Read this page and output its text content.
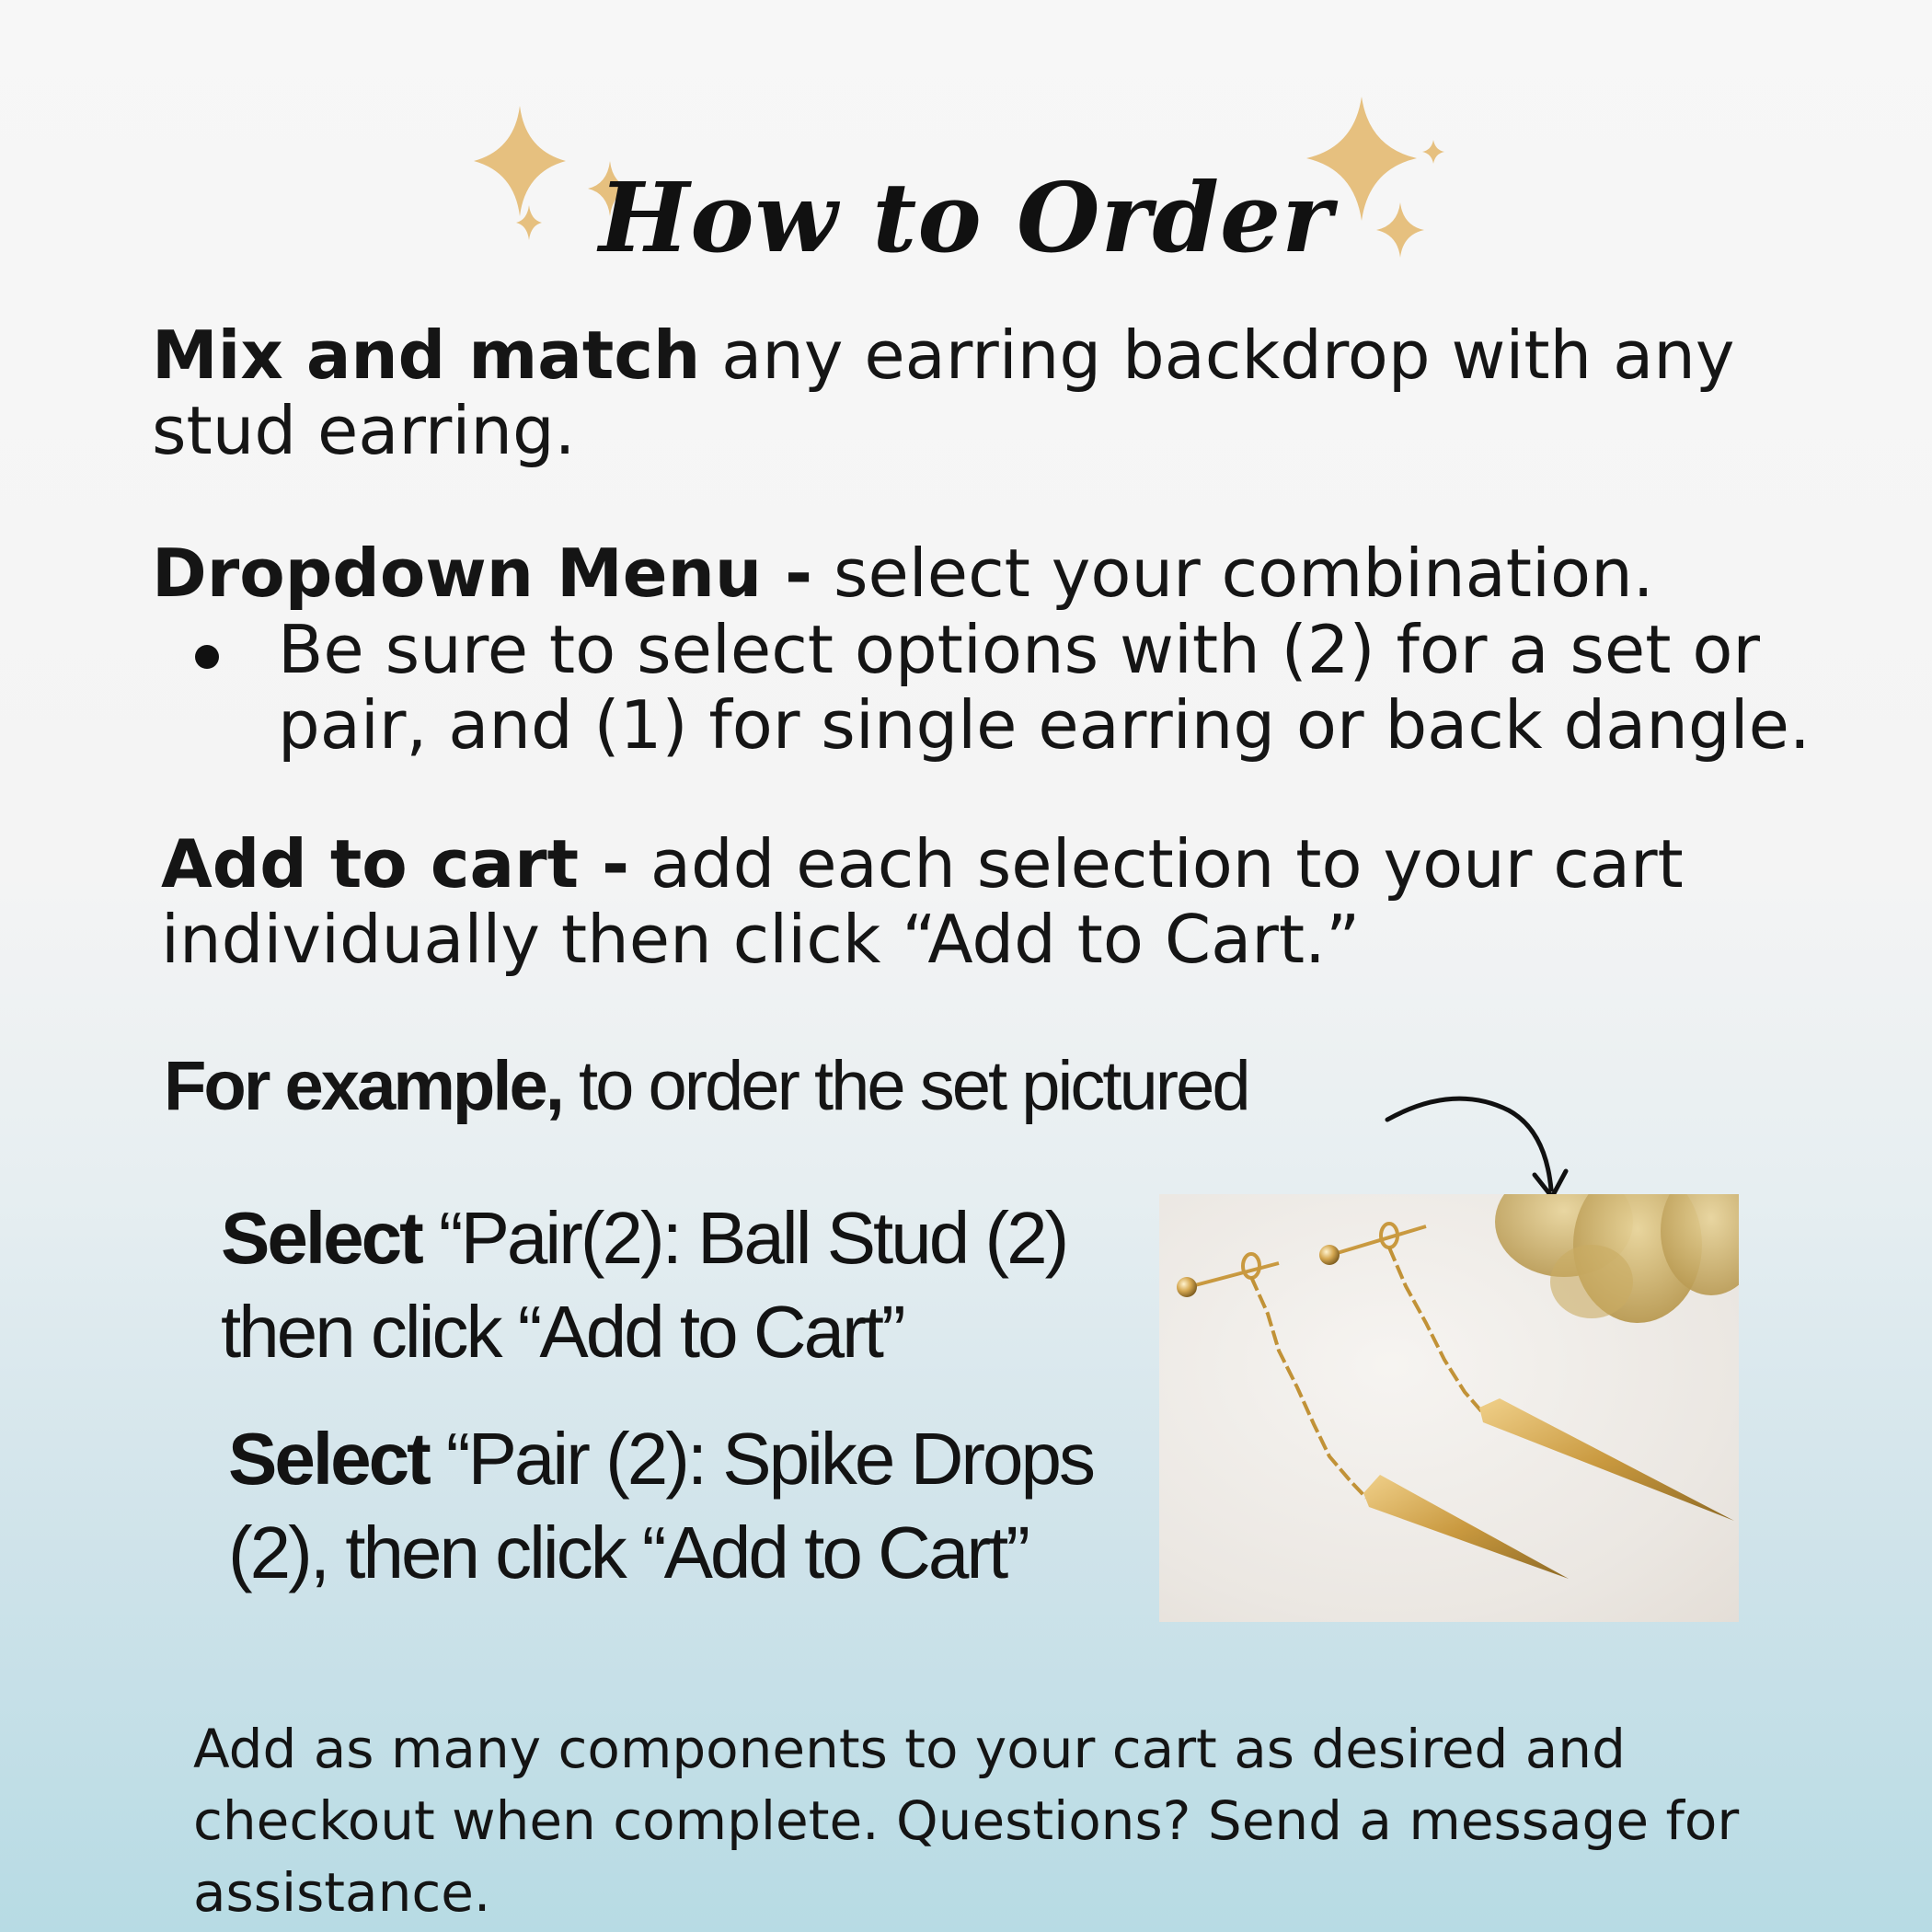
How to Order

Mix and match any earring backdrop with any stud earring.

Dropdown Menu - select your combination.

Be sure to select options with (2) for a set or pair, and (1) for single earring or back dangle.

Add to cart - add each selection to your cart individually then click “Add to Cart.”

For example, to order the set pictured

Select “Pair(2): Ball Stud (2) then click “Add to Cart”

Select “Pair (2): Spike Drops (2), then click “Add to Cart”

Add as many components to your cart as desired and checkout when complete. Questions? Send a message for assistance.
